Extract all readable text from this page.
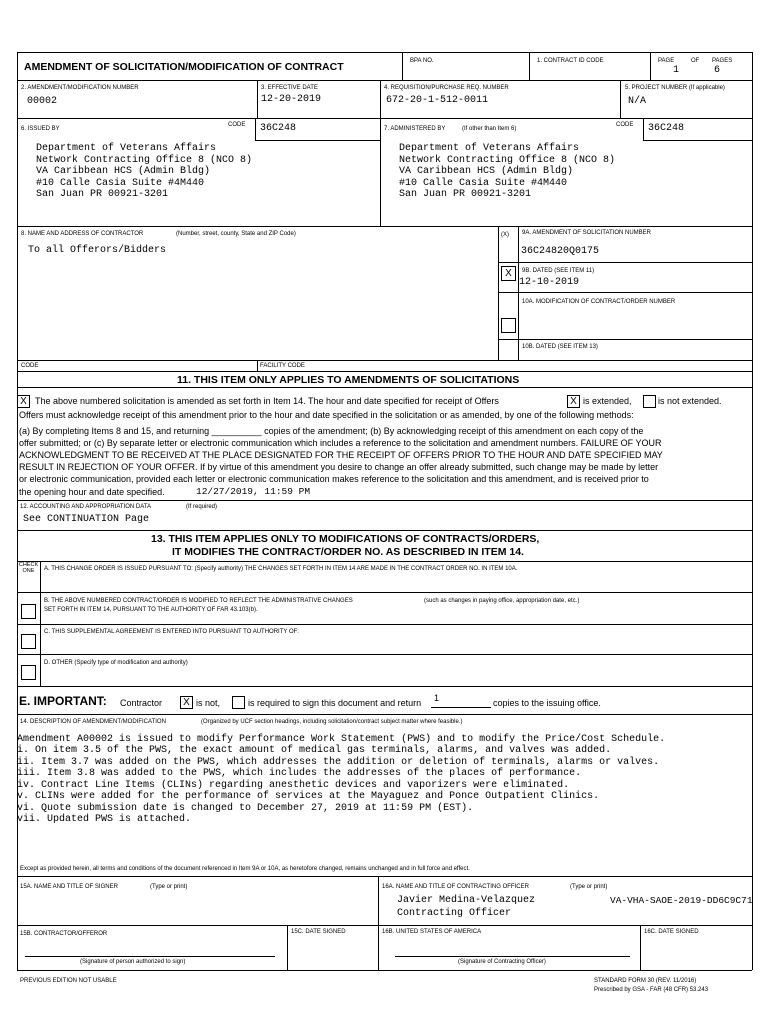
AMENDMENT OF SOLICITATION/MODIFICATION OF CONTRACT	BPA NO.	1. CONTRACT ID CODE	PAGE	OF PAGES
1	6
2. AMENDMENT/MODIFICATION NUMBER
00002
3. EFFECTIVE DATE
12-20-2019
4. REQUISITION/PURCHASE REQ. NUMBER
672-20-1-512-0011
5. PROJECT NUMBER (If applicable)
N/A
6. ISSUED BY
CODE 36C248
Department of Veterans Affairs
Network Contracting Office 8 (NCO 8)
VA Caribbean HCS (Admin Bldg)
#10 Calle Casia Suite #4M440
San Juan PR 00921-3201
7. ADMINISTERED BY	(If other than Item 6)
CODE 36C248
Department of Veterans Affairs
Network Contracting Office 8 (NCO 8)
VA Caribbean HCS (Admin Bldg)
#10 Calle Casia Suite #4M440
San Juan PR 00921-3201
8. NAME AND ADDRESS OF CONTRACTOR	(Number, street, county, State and ZIP Code)
To all Offerors/Bidders
(X) 9A. AMENDMENT OF SOLICITATION NUMBER
36C24820Q0175
X	9B. DATED (SEE ITEM 11)
12-10-2019
10A. MODIFICATION OF CONTRACT/ORDER NUMBER
10B. DATED (SEE ITEM 13)
CODE	FACILITY CODE
11. THIS ITEM ONLY APPLIES TO AMENDMENTS OF SOLICITATIONS
X The above numbered solicitation is amended as set forth in Item 14. The hour and date specified for receipt of Offers	X is extended,	is not extended.
Offers must acknowledge receipt of this amendment prior to the hour and date specified in the solicitation or as amended, by one of the following methods:
(a) By completing Items 8 and 15, and returning __________ copies of the amendment; (b) By acknowledging receipt of this amendment on each copy of the
offer submitted; or (c) By separate letter or electronic communication which includes a reference to the solicitation and amendment numbers. FAILURE OF YOUR
ACKNOWLEDGMENT TO BE RECEIVED AT THE PLACE DESIGNATED FOR THE RECEIPT OF OFFERS PRIOR TO THE HOUR AND DATE SPECIFIED MAY
RESULT IN REJECTION OF YOUR OFFER. If by virtue of this amendment you desire to change an offer already submitted, such change may be made by letter
or electronic communication, provided each letter or electronic communication makes reference to the solicitation and this amendment, and is received prior to
the opening hour and date specified.	12/27/2019, 11:59 PM
12. ACCOUNTING AND APPROPRIATION DATA	(If required)
See CONTINUATION Page
13. THIS ITEM APPLIES ONLY TO MODIFICATIONS OF CONTRACTS/ORDERS,
IT MODIFIES THE CONTRACT/ORDER NO. AS DESCRIBED IN ITEM 14.
CHECK ONE	A. THIS CHANGE ORDER IS ISSUED PURSUANT TO: (Specify authority) THE CHANGES SET FORTH IN ITEM 14 ARE MADE IN THE CONTRACT ORDER NO. IN ITEM 10A.
B. THE ABOVE NUMBERED CONTRACT/ORDER IS MODIFIED TO REFLECT THE ADMINISTRATIVE CHANGES	(such as changes in paying office, appropriation date, etc.)
SET FORTH IN ITEM 14, PURSUANT TO THE AUTHORITY OF FAR 43.103(b).
C. THIS SUPPLEMENTAL AGREEMENT IS ENTERED INTO PURSUANT TO AUTHORITY OF:
D. OTHER (Specify type of modification and authority)
E. IMPORTANT: Contractor	X is not,	is required to sign this document and return 1	copies to the issuing office.
14. DESCRIPTION OF AMENDMENT/MODIFICATION	(Organized by UCF section headings, including solicitation/contract subject matter where feasible.)
Amendment A00002 is issued to modify Performance Work Statement (PWS) and to modify the Price/Cost Schedule.
i. On item 3.5 of the PWS, the exact amount of medical gas terminals, alarms, and valves was added.
ii. Item 3.7 was added on the PWS, which addresses the addition or deletion of terminals, alarms or valves.
iii. Item 3.8 was added to the PWS, which includes the addresses of the places of performance.
iv. Contract Line Items (CLINs) regarding anesthetic devices and vaporizers were eliminated.
v. CLINs were added for the performance of services at the Mayaguez and Ponce Outpatient Clinics.
vi. Quote submission date is changed to December 27, 2019 at 11:59 PM (EST).
vii. Updated PWS is attached.
Except as provided herein, all terms and conditions of the document referenced in Item 9A or 10A, as heretofore changed, remains unchanged and in full force and effect.
15A. NAME AND TITLE OF SIGNER	(Type or print)	16A. NAME AND TITLE OF CONTRACTING OFFICER	(Type or print)
Javier Medina-Velazquez	VA-VHA-SAOE-2019-DD6C9C71
Contracting Officer
15B. CONTRACTOR/OFFEROR	15C. DATE SIGNED	16B. UNITED STATES OF AMERICA	16C. DATE SIGNED
(Signature of person authorized to sign)	(Signature of Contracting Officer)
PREVIOUS EDITION NOT USABLE	STANDARD FORM 30 (REV. 11/2016)
Prescribed by GSA - FAR (48 CFR) 53.243
